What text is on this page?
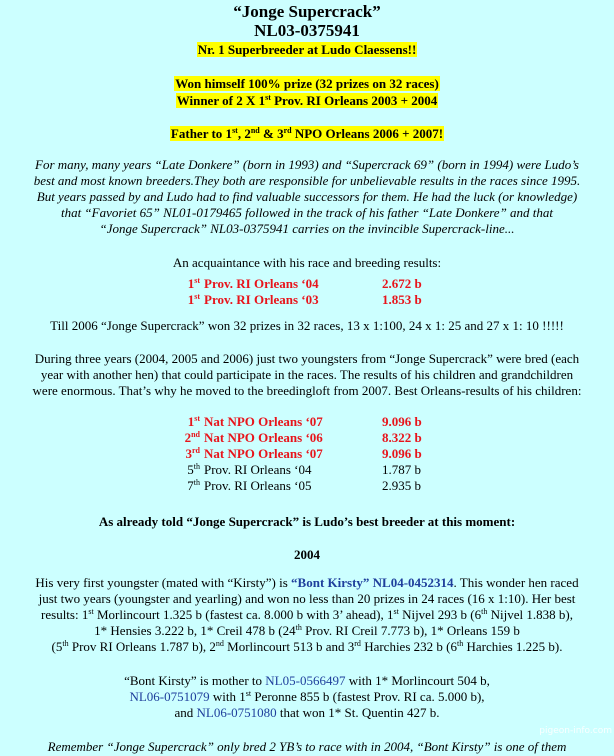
“Jonge Supercrack”
NL03-0375941
Nr. 1 Superbreeder at Ludo Claessens!!
Won himself 100% prize (32 prizes on 32 races)
Winner of 2 X 1st Prov. RI Orleans 2003 + 2004
Father to 1st, 2nd & 3rd NPO Orleans 2006 + 2007!
For many, many years “Late Donkere” (born in 1993) and “Supercrack 69” (born in 1994) were Ludo’s
best and most known breeders.They both are responsible for unbelievable results in the races since 1995.
But years passed by and Ludo had to find valuable successors for them. He had the luck (or knowledge)
that “Favoriet 65” NL01-0179465 followed in the track of his father “Late Donkere” and that
“Jonge Supercrack” NL03-0375941 carries on the invincible Supercrack-line...
An acquaintance with his race and breeding results:
1st	Prov. RI Orleans ‘04	2.672 b
1st	Prov. RI Orleans ‘03	1.853 b
Till 2006 “Jonge Supercrack” won 32 prizes in 32 races, 13 x 1:100, 24 x 1: 25 and 27 x 1: 10 !!!!!
During three years (2004, 2005 and 2006) just two youngsters from “Jonge Supercrack” were bred (each
year with another hen) that could participate in the races. The results of his children and grandchildren
were enormous. That’s why he moved to the breedingloft from 2007. Best Orleans-results of his children:
1st	Nat NPO Orleans ‘07	9.096 b
2nd	Nat NPO Orleans ‘06	8.322 b
3rd	Nat NPO Orleans ‘07	9.096 b
5th	Prov. RI Orleans ‘04	1.787 b
7th	Prov. RI Orleans ‘05	2.935 b
As already told “Jonge Supercrack” is Ludo’s best breeder at this moment:
2004
His very first youngster (mated with “Kirsty”) is “Bont Kirsty” NL04-0452314. This wonder hen raced
just two years (youngster and yearling) and won no less than 20 prizes in 24 races (16 x 1:10). Her best
results: 1st Morlincourt 1.325 b (fastest ca. 8.000 b with 3’ ahead), 1st Nijvel 293 b (6th Nijvel 1.838 b),
1* Hensies 3.222 b, 1* Creil 478 b (24th Prov. RI Creil 7.773 b), 1* Orleans 159 b
(5th Prov RI Orleans 1.787 b), 2nd Morlincourt 513 b and 3rd Harchies 232 b (6th Harchies 1.225 b).
“Bont Kirsty” is mother to NL05-0566497 with 1* Morlincourt 504 b,
NL06-0751079 with 1st Peronne 855 b (fastest Prov. RI ca. 5.000 b),
and NL06-0751080 that won 1* St. Quentin 427 b.
Remember “Jonge Supercrack” only bred 2 YB’s to race with in 2004, “Bont Kirsty” is one of them
pigeon-info.com
